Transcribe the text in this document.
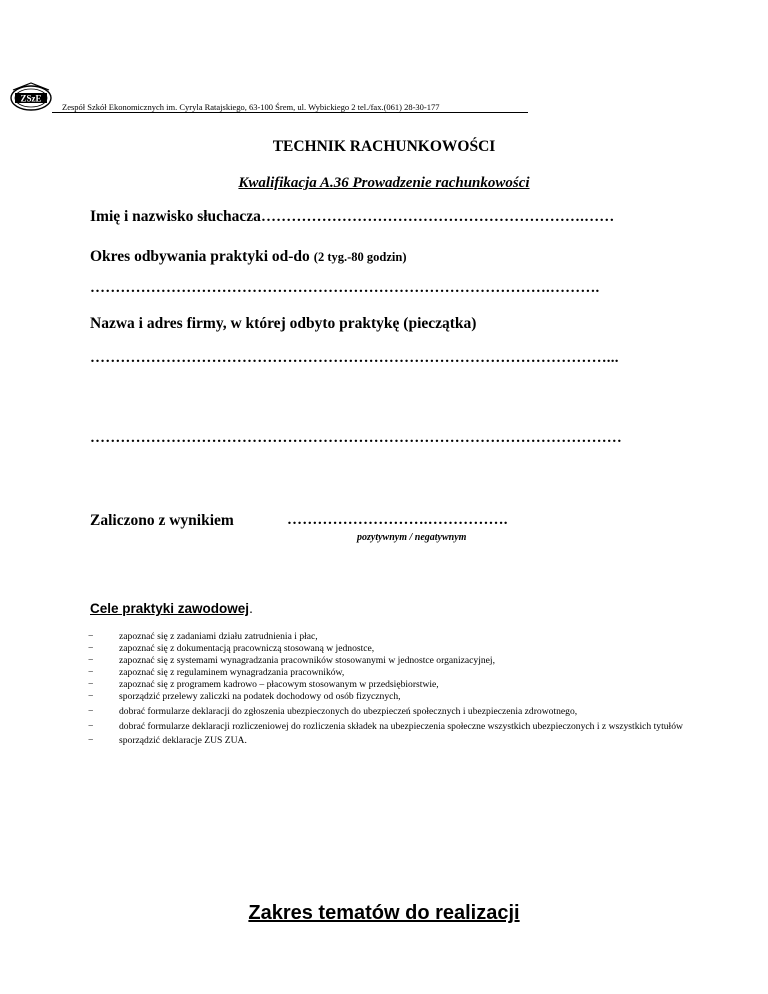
ZSzE
Zespół Szkół Ekonomicznych im. Cyryla Ratajskiego, 63-100 Śrem, ul. Wybickiego 2 tel./fax.(061) 28-30-177
TECHNIK RACHUNKOWOŚCI
Kwalifikacja A.36 Prowadzenie rachunkowości
Imię i nazwisko słuchacza……………………………………………………….……
Okres odbywania praktyki od-do (2 tyg.-80 godzin)
……………………………………………………………………………….……….
Nazwa i adres firmy, w której odbyto praktykę (pieczątka)
…………………………………………………………………………………………...
……………………………………………………………………………………………
Zaliczono z wynikiem	……………………….…………….
pozytywnym / negatywnym
Cele praktyki zawodowej.
−	zapoznać się z zadaniami działu zatrudnienia i płac,
−	zapoznać się z dokumentacją pracowniczą stosowaną w jednostce,
−	zapoznać się z systemami wynagradzania pracowników stosowanymi w jednostce organizacyjnej,
−	zapoznać się z regulaminem wynagradzania pracowników,
−	zapoznać się z programem kadrowo – płacowym stosowanym w przedsiębiorstwie,
−	sporządzić przelewy zaliczki na podatek dochodowy od osób fizycznych,
−	dobrać formularze deklaracji do zgłoszenia ubezpieczonych do ubezpieczeń społecznych i ubezpieczenia zdrowotnego,
−	dobrać formularze deklaracji rozliczeniowej do rozliczenia składek na ubezpieczenia społeczne wszystkich ubezpieczonych i z wszystkich tytułów
−	sporządzić deklaracje ZUS ZUA.
Zakres tematów do realizacji
